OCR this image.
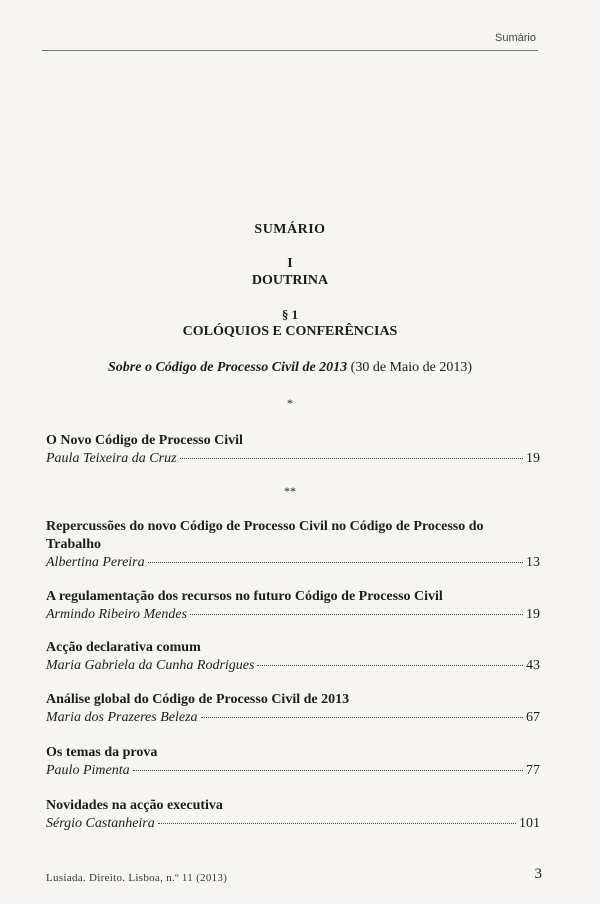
Sumário
SUMÁRIO
I
DOUTRINA
§ 1
COLÓQUIOS E CONFERÊNCIAS
Sobre o Código de Processo Civil de 2013 (30 de Maio de 2013)
*
O Novo Código de Processo Civil
Paula Teixeira da Cruz	19
**
Repercussões do novo Código de Processo Civil no Código de Processo do Trabalho
Albertina Pereira	13
A regulamentação dos recursos no futuro Código de Processo Civil
Armindo Ribeiro Mendes	19
Acção declarativa comum
Maria Gabriela da Cunha Rodrigues	43
Análise global do Código de Processo Civil de 2013
Maria dos Prazeres Beleza	67
Os temas da prova
Paulo Pimenta	77
Novidades na acção executiva
Sérgio Castanheira	101
Lusíada. Direito. Lisboa, n.º 11 (2013)	3
